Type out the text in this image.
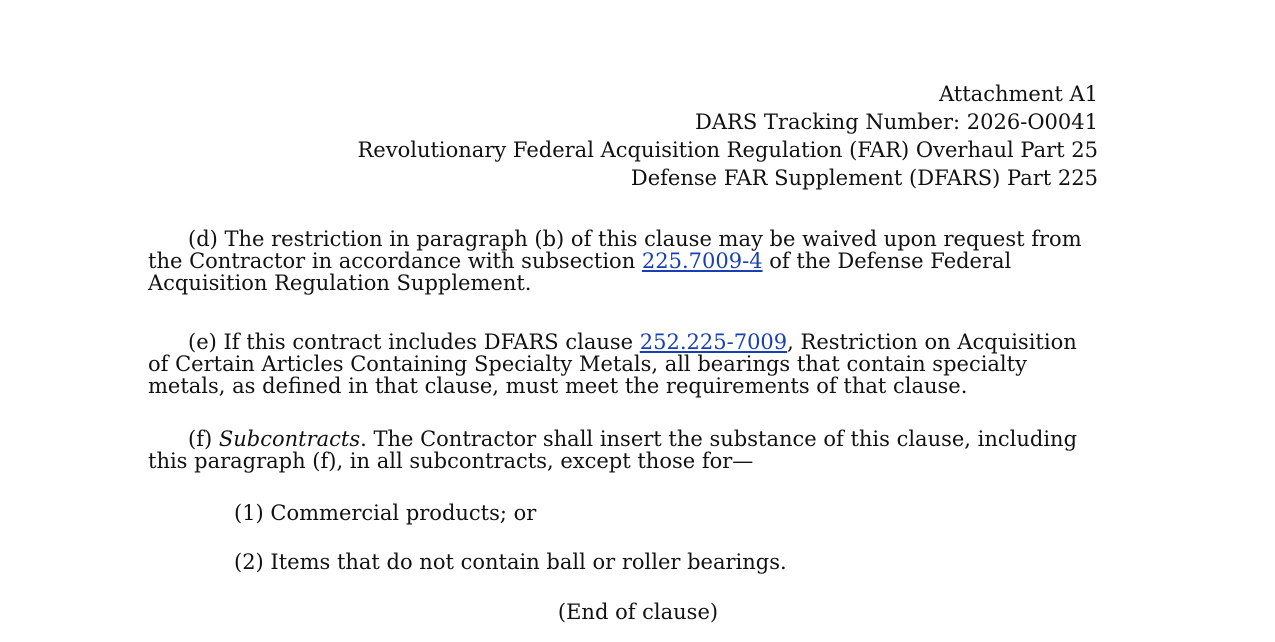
Attachment A1
DARS Tracking Number: 2026-O0041
Revolutionary Federal Acquisition Regulation (FAR) Overhaul Part 25
Defense FAR Supplement (DFARS) Part 225
(d) The restriction in paragraph (b) of this clause may be waived upon request from the Contractor in accordance with subsection 225.7009-4 of the Defense Federal Acquisition Regulation Supplement.
(e) If this contract includes DFARS clause 252.225-7009, Restriction on Acquisition of Certain Articles Containing Specialty Metals, all bearings that contain specialty metals, as defined in that clause, must meet the requirements of that clause.
(f) Subcontracts. The Contractor shall insert the substance of this clause, including this paragraph (f), in all subcontracts, except those for—
(1) Commercial products; or
(2) Items that do not contain ball or roller bearings.
(End of clause)
